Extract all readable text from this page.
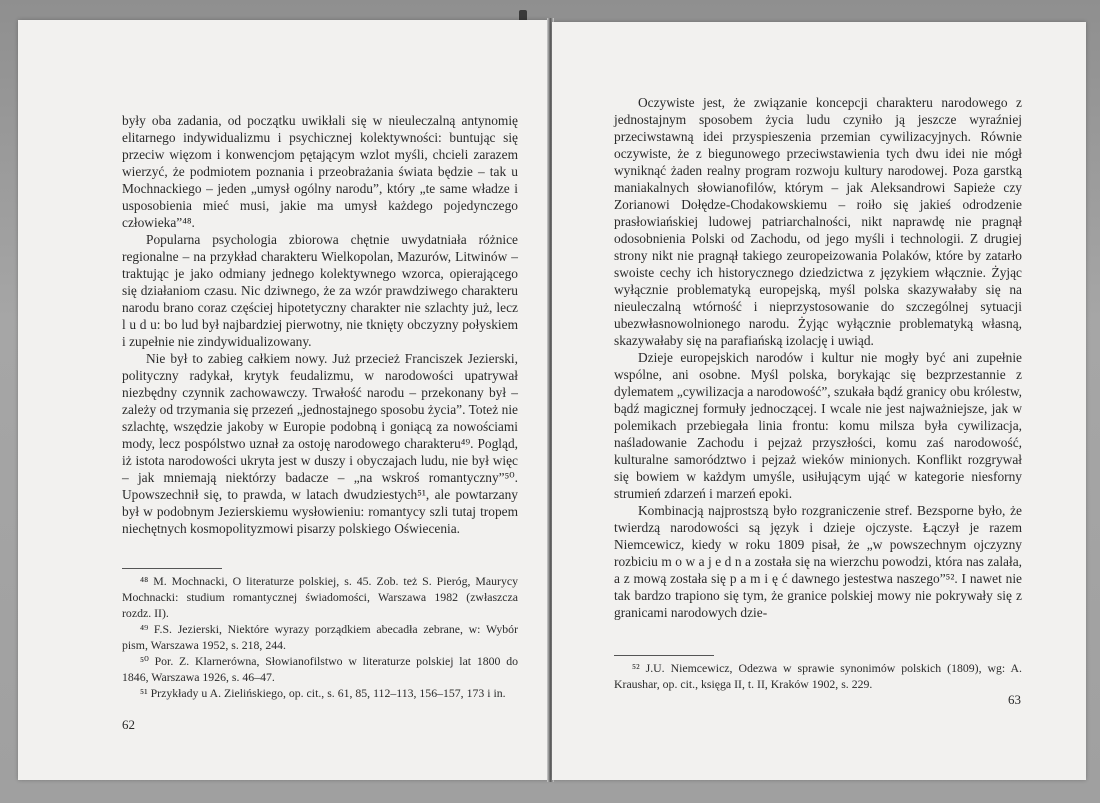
były oba zadania, od początku uwikłali się w nieuleczalną antynomię elitarnego indywidualizmu i psychicznej kolektywności: buntując się przeciw więzom i konwencjom pętającym wzlot myśli, chcieli zarazem wierzyć, że podmiotem poznania i przeobrażania świata będzie – tak u Mochnackiego – jeden „umysł ogólny narodu”, który „te same władze i usposobienia mieć musi, jakie ma umysł każdego pojedynczego człowieka”⁴⁸.

Popularna psychologia zbiorowa chętnie uwydatniała różnice regionalne – na przykład charakteru Wielkopolan, Mazurów, Litwinów – traktując je jako odmiany jednego kolektywnego wzorca, opierającego się działaniom czasu. Nic dziwnego, że za wzór prawdziwego charakteru narodu brano coraz częściej hipotetyczny charakter nie szlachty już, lecz l u d u: bo lud był najbardziej pierwotny, nie tknięty obczyzny połyskiem i zupełnie nie zindywidualizowany.

Nie był to zabieg całkiem nowy. Już przecież Franciszek Jezierski, polityczny radykał, krytyk feudalizmu, w narodowości upatrywał niezbędny czynnik zachowawczy. Trwałość narodu – przekonany był – zależy od trzymania się przezeń „jednostajnego sposobu życia”. Toteż nie szlachtę, wszędzie jakoby w Europie podobną i goniącą za nowościami mody, lecz pospólstwo uznał za ostoję narodowego charakteru⁴⁹. Pogląd, iż istota narodowości ukryta jest w duszy i obyczajach ludu, nie był więc – jak mniemają niektórzy badacze – „na wskroś romantyczny”⁵⁰. Upowszechnił się, to prawda, w latach dwudziestych⁵¹, ale powtarzany był w podobnym Jezierskiemu wysłowieniu: romantycy szli tutaj tropem niechętnych kosmopolityzmowi pisarzy polskiego Oświecenia.

⁴⁸ M. Mochnacki, O literaturze polskiej, s. 45. Zob. też S. Pieróg, Maurycy Mochnacki: studium romantycznej świadomości, Warszawa 1982 (zwłaszcza rozdz. II).

⁴⁹ F.S. Jezierski, Niektóre wyrazy porządkiem abecadła zebrane, w: Wybór pism, Warszawa 1952, s. 218, 244.

⁵⁰ Por. Z. Klarnerówna, Słowianofilstwo w literaturze polskiej lat 1800 do 1846, Warszawa 1926, s. 46–47.

⁵¹ Przykłady u A. Zielińskiego, op. cit., s. 61, 85, 112–113, 156–157, 173 i in.

62

Oczywiste jest, że związanie koncepcji charakteru narodowego z jednostajnym sposobem życia ludu czyniło ją jeszcze wyraźniej przeciwstawną idei przyspieszenia przemian cywilizacyjnych. Równie oczywiste, że z biegunowego przeciwstawienia tych dwu idei nie mógł wyniknąć żaden realny program rozwoju kultury narodowej. Poza garstką maniakalnych słowianofilów, którym – jak Aleksandrowi Sapieże czy Zorianowi Dołędze-Chodakowskiemu – roiło się jakieś odrodzenie prasłowiańskiej ludowej patriarchalności, nikt naprawdę nie pragnął odosobnienia Polski od Zachodu, od jego myśli i technologii. Z drugiej strony nikt nie pragnął takiego zeuropeizowania Polaków, które by zatarło swoiste cechy ich historycznego dziedzictwa z językiem włącznie. Żyjąc wyłącznie problematyką europejską, myśl polska skazywałaby się na nieuleczalną wtórność i nieprzystosowanie do szczególnej sytuacji ubezwłasnowolnionego narodu. Żyjąc wyłącznie problematyką własną, skazywałaby się na parafiańską izolację i uwiąd.

Dzieje europejskich narodów i kultur nie mogły być ani zupełnie wspólne, ani osobne. Myśl polska, borykając się bezprzestannie z dylematem „cywilizacja a narodowość”, szukała bądź granicy obu królestw, bądź magicznej formuły jednoczącej. I wcale nie jest najważniejsze, jak w polemikach przebiegała linia frontu: komu milsza była cywilizacja, naśladowanie Zachodu i pejzaż przyszłości, komu zaś narodowość, kulturalne samorództwo i pejzaż wieków minionych. Konflikt rozgrywał się bowiem w każdym umyśle, usiłującym ująć w kategorie niesforny strumień zdarzeń i marzeń epoki.

Kombinacją najprostszą było rozgraniczenie stref. Bezsporne było, że twierdzą narodowości są język i dzieje ojczyste. Łączył je razem Niemcewicz, kiedy w roku 1809 pisał, że „w powszechnym ojczyzny rozbiciu m o w a j e d n a została się na wierzchu powodzi, która nas zalała, a z mową została się p a m i ę ć dawnego jestestwa naszego”⁵². I nawet nie tak bardzo trapiono się tym, że granice polskiej mowy nie pokrywały się z granicami narodowych dzie-

⁵² J.U. Niemcewicz, Odezwa w sprawie synonimów polskich (1809), wg: A. Kraushar, op. cit., księga II, t. II, Kraków 1902, s. 229.

63
